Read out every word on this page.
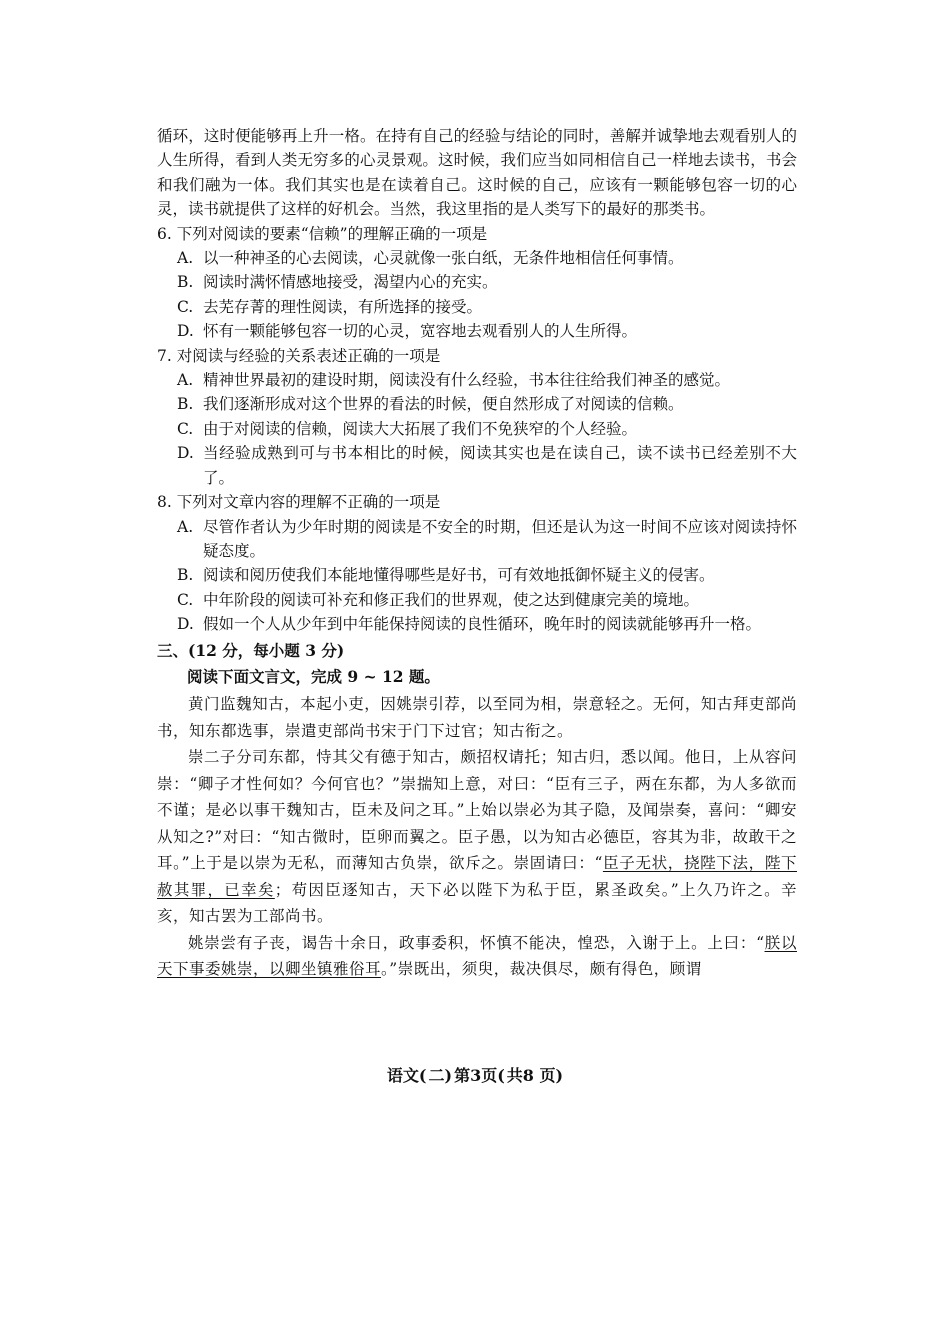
循环，这时便能够再上升一格。在持有自己的经验与结论的同时，善解并诚挚地去观看别人的人生所得，看到人类无穷多的心灵景观。这时候，我们应当如同相信自己一样地去读书，书会和我们融为一体。我们其实也是在读着自己。这时候的自己，应该有一颗能够包容一切的心灵，读书就提供了这样的好机会。当然，我这里指的是人类写下的最好的那类书。
6. 下列对阅读的要素“信赖”的理解正确的一项是
A. 以一种神圣的心去阅读，心灵就像一张白纸，无条件地相信任何事情。
B. 阅读时满怀情感地接受，渴望内心的充实。
C. 去芜存菁的理性阅读，有所选择的接受。
D. 怀有一颗能够包容一切的心灵，宽容地去观看别人的人生所得。
7. 对阅读与经验的关系表述正确的一项是
A. 精神世界最初的建设时期，阅读没有什么经验，书本往往给我们神圣的感觉。
B. 我们逐渐形成对这个世界的看法的时候，便自然形成了对阅读的信赖。
C. 由于对阅读的信赖，阅读大大拓展了我们不免狭窄的个人经验。
D. 当经验成熟到可与书本相比的时候，阅读其实也是在读自己，读不读书已经差别不大了。
8. 下列对文章内容的理解不正确的一项是
A. 尽管作者认为少年时期的阅读是不安全的时期，但还是认为这一时间不应该对阅读持怀疑态度。
B. 阅读和阅历使我们本能地懂得哪些是好书，可有效地抵御怀疑主义的侵害。
C. 中年阶段的阅读可补充和修正我们的世界观，使之达到健康完美的境地。
D. 假如一个人从少年到中年能保持阅读的良性循环，晚年时的阅读就能够再升一格。
三、(12 分，每小题 3 分)
阅读下面文言文，完成 9 ~ 12 题。
黄门监魏知古，本起小吏，因姚崇引荐，以至同为相，崇意轻之。无何，知古拜吏部尚书，知东都选事，崇遣吏部尚书宋于门下过官；知古衔之。
崇二子分司东都，恃其父有德于知古，颇招权请托；知古归，悉以闻。他日，上从容问崇：“卿子才性何如？今何官也？”崇揣知上意，对曰：“臣有三子，两在东都，为人多欲而不谨；是必以事干魏知古，臣未及问之耳。”上始以崇必为其子隐，及闻崇奏，喜问：“卿安从知之?”对曰：“知古微时，臣卵而翼之。臣子愚，以为知古必德臣，容其为非，故敢干之耳。”上于是以崇为无私，而薄知古负崇，欲斥之。崇固请曰：“臣子无状，挠陛下法，陛下赦其罪，已幸矣；苟因臣逐知古，天下必以陛下为私于臣，累圣政矣。”上久乃许之。辛亥，知古罢为工部尚书。
姚崇尝有子丧，谒告十余日，政事委积，怀慎不能决，惶恐，入谢于上。上曰：“朕以天下事委姚崇，以卿坐镇雅俗耳。”崇既出，须臾，裁决俱尽，颇有得色，顾谓
语文( 二) 第3页( 共8 页)
